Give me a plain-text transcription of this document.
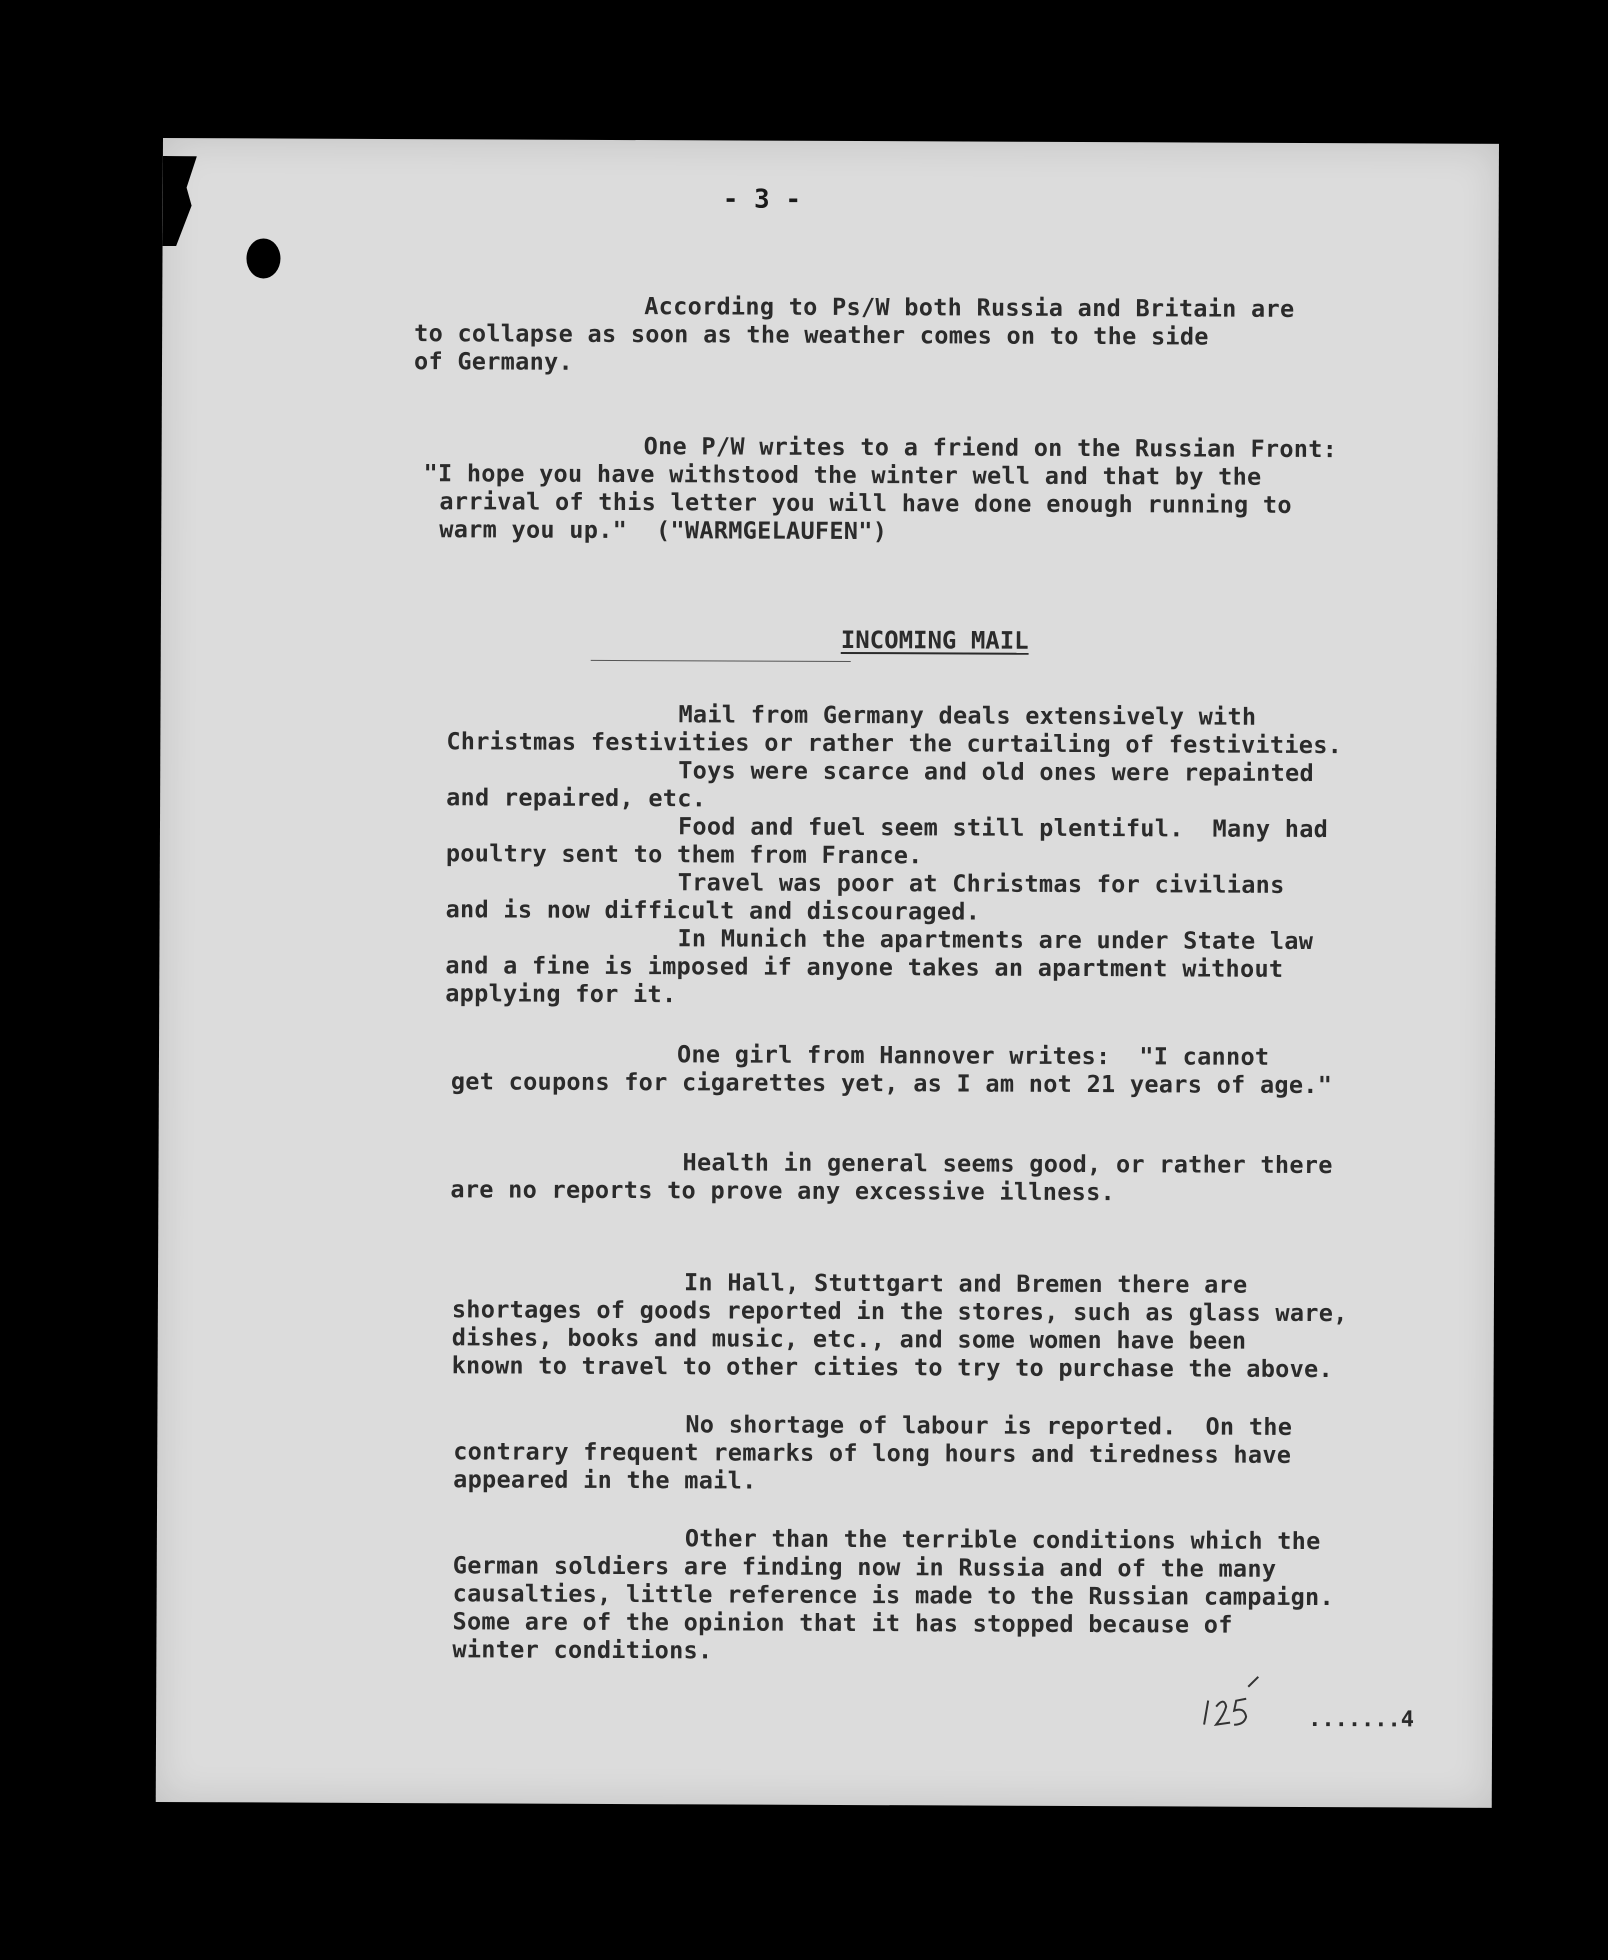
- 3 -
According to Ps/W both Russia and Britain are
to collapse as soon as the weather comes on to the side
of Germany.
One P/W writes to a friend on the Russian Front:
"I hope you have withstood the winter well and that by the
arrival of this letter you will have done enough running to
warm you up."  ("WARMGELAUFEN")
INCOMING MAIL
Mail from Germany deals extensively with
Christmas festivities or rather the curtailing of festivities.
Toys were scarce and old ones were repainted
and repaired, etc.
Food and fuel seem still plentiful.  Many had
poultry sent to them from France.
Travel was poor at Christmas for civilians
and is now difficult and discouraged.
In Munich the apartments are under State law
and a fine is imposed if anyone takes an apartment without
applying for it.
One girl from Hannover writes:  "I cannot
get coupons for cigarettes yet, as I am not 21 years of age."
Health in general seems good, or rather there
are no reports to prove any excessive illness.
In Hall, Stuttgart and Bremen there are
shortages of goods reported in the stores, such as glass ware,
dishes, books and music, etc., and some women have been
known to travel to other cities to try to purchase the above.
No shortage of labour is reported.  On the
contrary frequent remarks of long hours and tiredness have
appeared in the mail.
Other than the terrible conditions which the
German soldiers are finding now in Russia and of the many
causalties, little reference is made to the Russian campaign.
Some are of the opinion that it has stopped because of
winter conditions.
.......4
